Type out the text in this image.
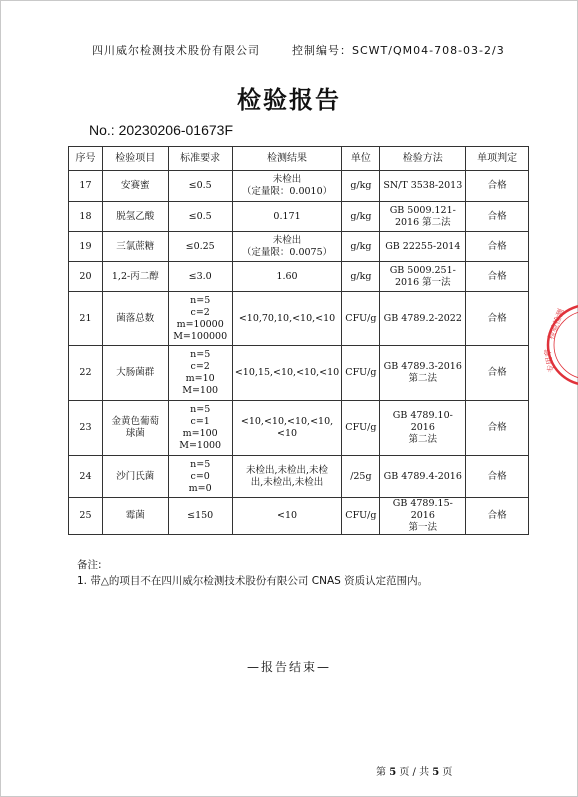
四川威尔检测技术股份有限公司	控制编号：SCWT/QM04-708-03-2/3
检验报告
No.: 20230206-01673F
序号	检验项目	标准要求	检测结果	单位	检验方法	单项判定
17	安赛蜜	≤0.5	未检出
（定量限：0.0010）	g/kg	SN/T 3538-2013	合格
18	脱氢乙酸	≤0.5	0.171	g/kg	GB 5009.121-
2016 第二法	合格
19	三氯蔗糖	≤0.25	未检出
（定量限：0.0075）	g/kg	GB 22255-2014	合格
20	1,2-丙二醇	≤3.0	1.60	g/kg	GB 5009.251-
2016 第一法	合格
21	菌落总数	n=5
c=2
m=10000
M=100000	<10,70,10,<10,<10	CFU/g	GB 4789.2-2022	合格
22	大肠菌群	n=5
c=2
m=10
M=100	<10,15,<10,<10,<10	CFU/g	GB 4789.3-2016
第二法	合格
23	金黄色葡萄
球菌	n=5
c=1
m=100
M=1000	<10,<10,<10,<10,<10	CFU/g	GB 4789.10-2016
第二法	合格
24	沙门氏菌	n=5
c=0
m=0	未检出,未检出,未检
出,未检出,未检出	/25g	GB 4789.4-2016	合格
25	霉菌	≤150	<10	CFU/g	GB 4789.15-2016
第一法	合格
备注:
1. 带△的项目不在四川威尔检测技术股份有限公司 CNAS 资质认定范围内。
—报告结束—
第 5 页 / 共 5 页
检验检测
专用章
